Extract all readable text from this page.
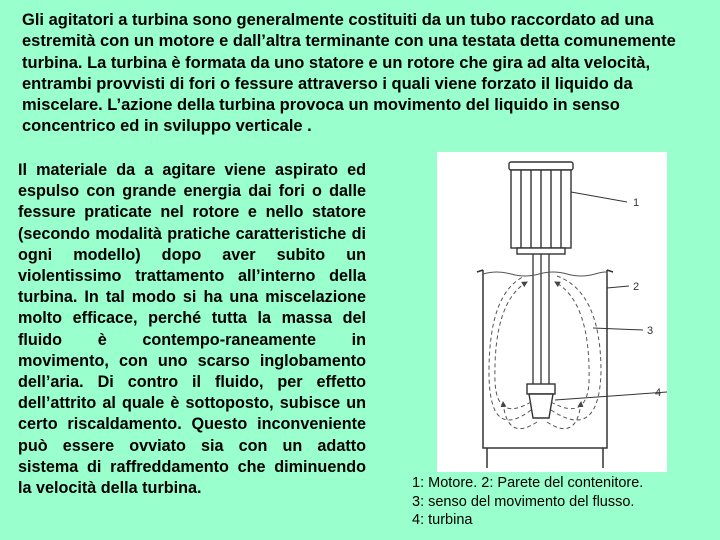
Gli agitatori a turbina sono generalmente costituiti da un tubo raccordato ad una estremità con un motore e dall’altra terminante con una testata detta comunemente turbina. La turbina è formata da uno statore e un rotore che gira ad alta velocità, entrambi provvisti di fori o fessure attraverso i quali viene forzato il liquido da miscelare. L’azione della turbina provoca un movimento del liquido in senso concentrico ed in sviluppo verticale .
Il materiale da a agitare viene aspirato ed espulso con grande energia dai fori o dalle fessure praticate nel rotore e nello statore (secondo modalità pratiche caratteristiche di ogni modello) dopo aver subito un violentissimo trattamento all’interno della turbina. In tal modo si ha una miscelazione molto efficace, perché tutta la massa del fluido è contempo-raneamente in movimento, con uno scarso inglobamento dell’aria. Di contro il fluido, per effetto dell’attrito al quale è sottoposto, subisce un certo riscaldamento. Questo inconveniente può essere ovviato sia con un adatto sistema di raffreddamento che diminuendo la velocità della turbina.
1
2
3
4
1: Motore. 2: Parete del contenitore.
3: senso del movimento del flusso.
4: turbina
